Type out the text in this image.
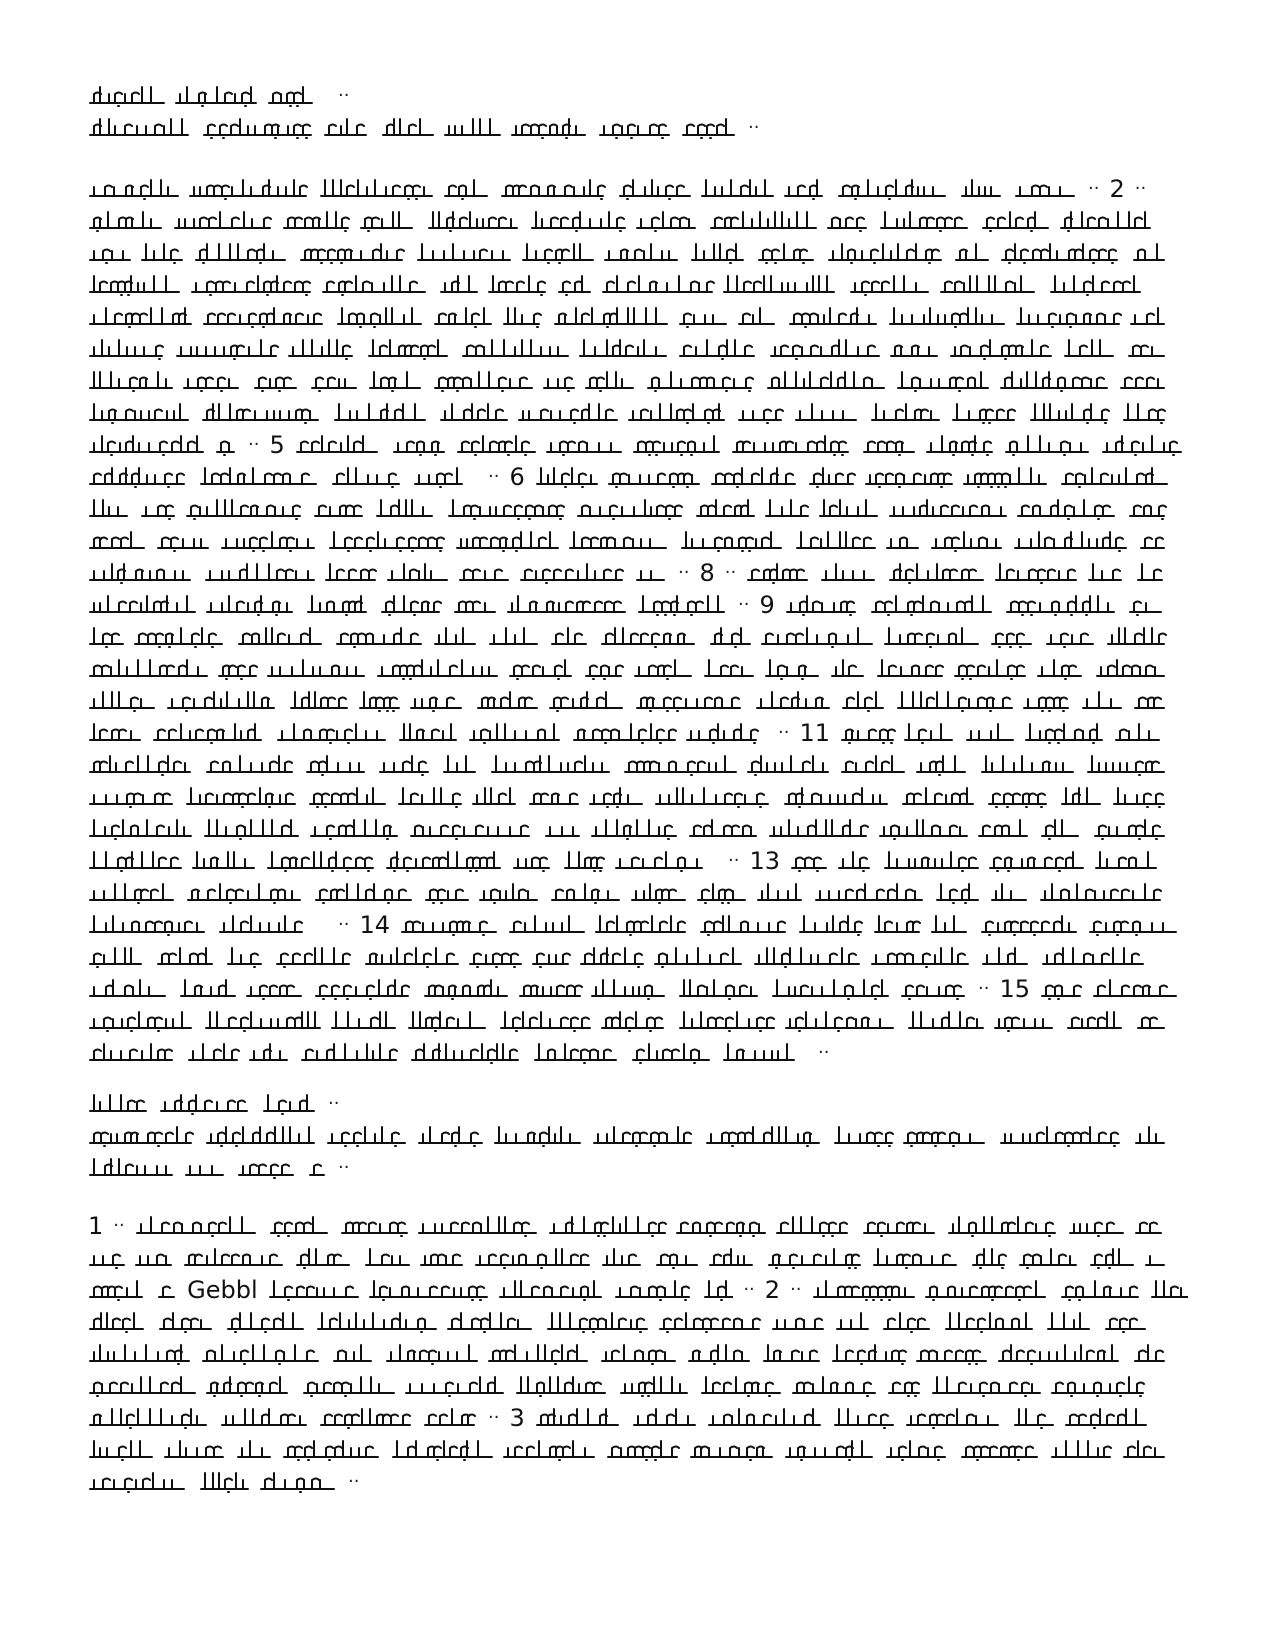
··
··
·· 2 ··
·· 5
·· 6
·· 8 ··
·· 9
·· 11
·· 13
·· 14
·· 15
··
··
··
1 ··
Gebbl	·· 2 ··
·· 3
··
